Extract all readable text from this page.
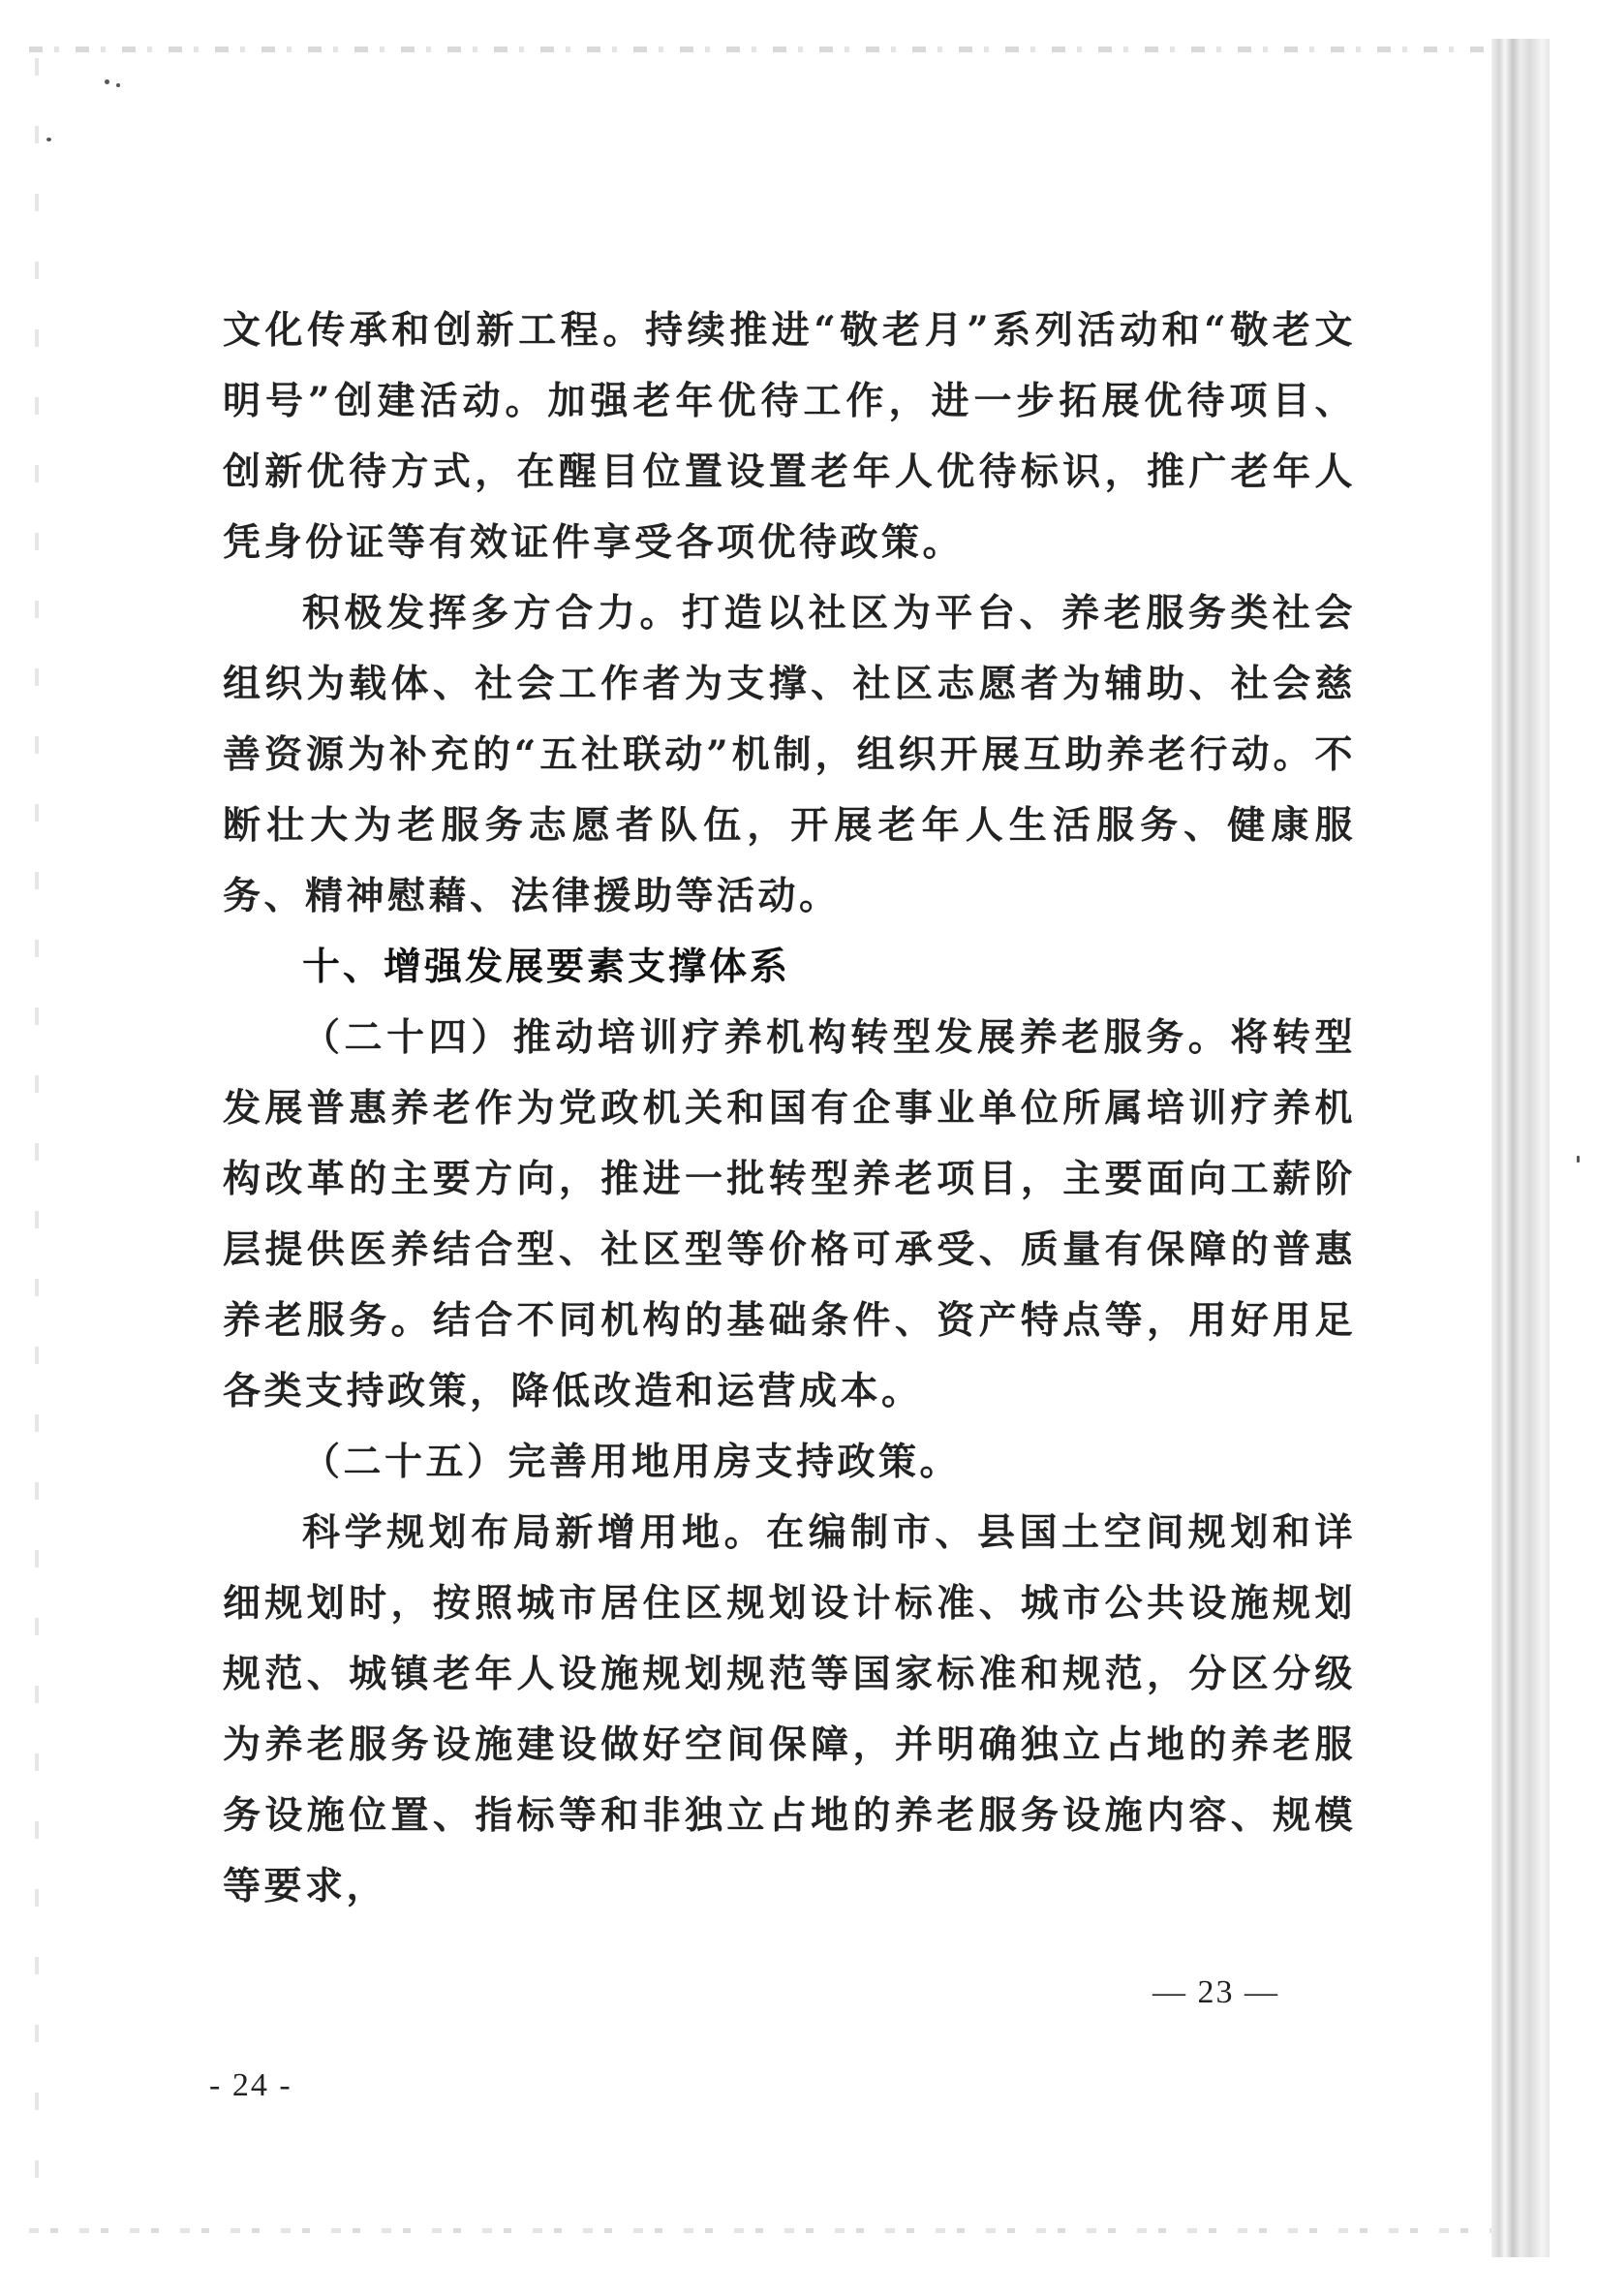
文化传承和创新工程。持续推进“敬老月”系列活动和“敬老文明号”创建活动。加强老年优待工作，进一步拓展优待项目、创新优待方式，在醒目位置设置老年人优待标识，推广老年人凭身份证等有效证件享受各项优待政策。

积极发挥多方合力。打造以社区为平台、养老服务类社会组织为载体、社会工作者为支撑、社区志愿者为辅助、社会慈善资源为补充的“五社联动”机制，组织开展互助养老行动。不断壮大为老服务志愿者队伍，开展老年人生活服务、健康服务、精神慰藉、法律援助等活动。

十、增强发展要素支撑体系

（二十四）推动培训疗养机构转型发展养老服务。将转型发展普惠养老作为党政机关和国有企事业单位所属培训疗养机构改革的主要方向，推进一批转型养老项目，主要面向工薪阶层提供医养结合型、社区型等价格可承受、质量有保障的普惠养老服务。结合不同机构的基础条件、资产特点等，用好用足各类支持政策，降低改造和运营成本。

（二十五）完善用地用房支持政策。

科学规划布局新增用地。在编制市、县国土空间规划和详细规划时，按照城市居住区规划设计标准、城市公共设施规划规范、城镇老年人设施规划规范等国家标准和规范，分区分级为养老服务设施建设做好空间保障，并明确独立占地的养老服务设施位置、指标等和非独立占地的养老服务设施内容、规模等要求，

— 23 —
- 24 -
